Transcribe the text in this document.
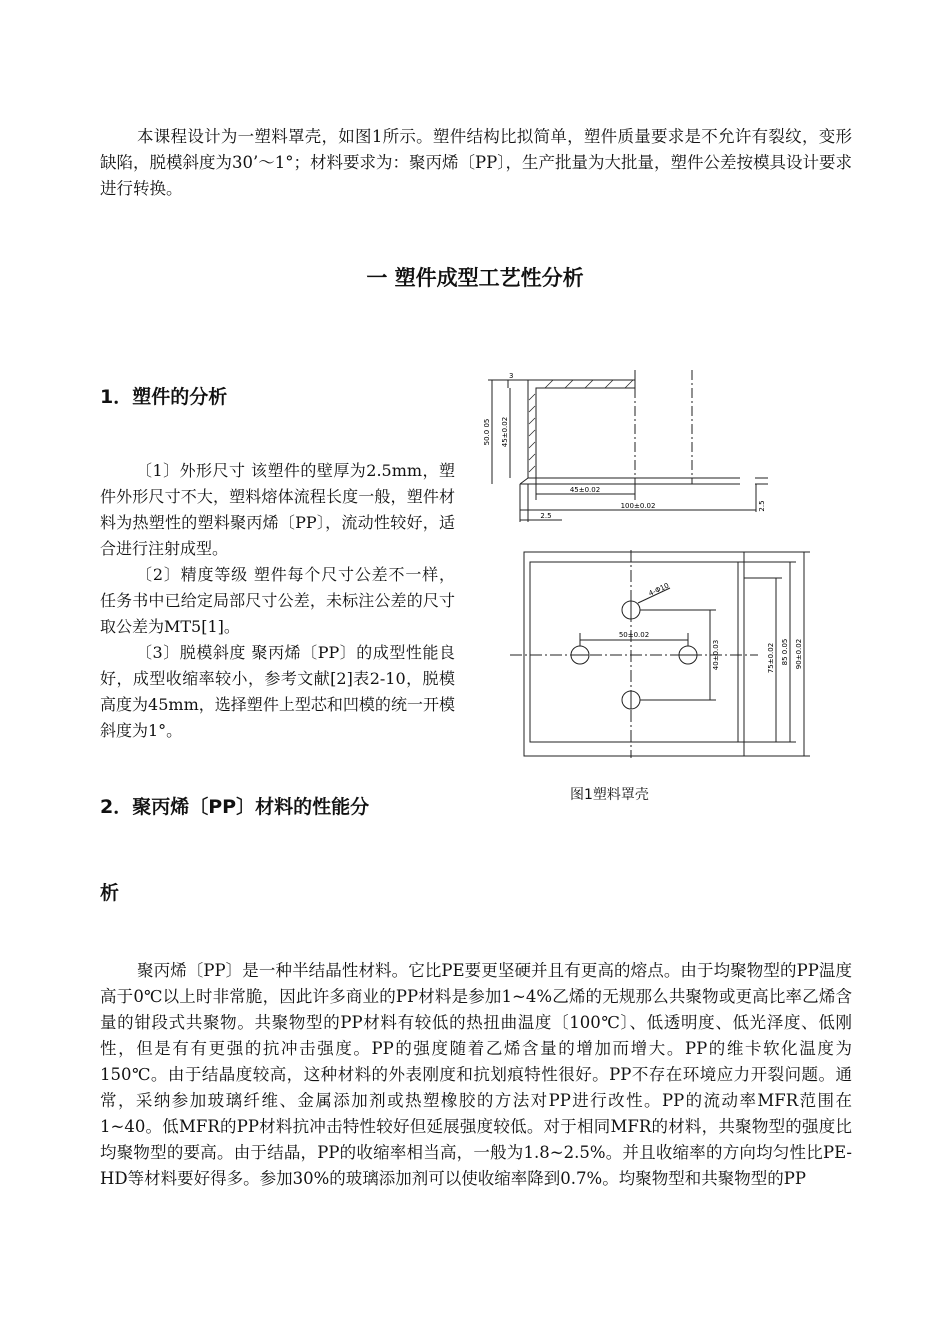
本课程设计为一塑料罩壳，如图1所示。塑件结构比拟简单，塑件质量要求是不允许有裂纹，变形缺陷，脱模斜度为30’～1°；材料要求为：聚丙烯〔PP〕，生产批量为大批量，塑件公差按模具设计要求进行转换。

一 塑件成型工艺性分析
1．塑件的分析

〔1〕外形尺寸 该塑件的壁厚为2.5mm，塑件外形尺寸不大，塑料熔体流程长度一般，塑件材料为热塑性的塑料聚丙烯〔PP〕，流动性较好，适合进行注射成型。

〔2〕精度等级 塑件每个尺寸公差不一样，任务书中已给定局部尺寸公差，未标注公差的尺寸取公差为MT5[1]。

〔3〕脱模斜度 聚丙烯〔PP〕的成型性能良好，成型收缩率较小，参考文献[2]表2-10，脱模高度为45mm，选择塑件上型芯和凹模的统一开模斜度为1°。

2．聚丙烯〔PP〕材料的性能分
析
3
50.0 05 45±0.02
45±0.02
100±0.02
2.5
2.5
4-Φ10
50±0.02
40±0.03	75±0.02 85 0.05 90±0.02

图1塑料罩壳

聚丙烯〔PP〕是一种半结晶性材料。它比PE要更坚硬并且有更高的熔点。由于均聚物型的PP温度高于0℃以上时非常脆，因此许多商业的PP材料是参加1~4%乙烯的无规那么共聚物或更高比率乙烯含量的钳段式共聚物。共聚物型的PP材料有较低的热扭曲温度〔100℃〕、低透明度、低光泽度、低刚性，但是有有更强的抗冲击强度。PP的强度随着乙烯含量的增加而增大。PP的维卡软化温度为150℃。由于结晶度较高，这种材料的外表刚度和抗划痕特性很好。PP不存在环境应力开裂问题。通常，采纳参加玻璃纤维、金属添加剂或热塑橡胶的方法对PP进行改性。PP的流动率MFR范围在1~40。低MFR的PP材料抗冲击特性较好但延展强度较低。对于相同MFR的材料，共聚物型的强度比均聚物型的要高。由于结晶，PP的收缩率相当高，一般为1.8~2.5%。并且收缩率的方向均匀性比PE-HD等材料要好得多。参加30%的玻璃添加剂可以使收缩率降到0.7%。均聚物型和共聚物型的PP
